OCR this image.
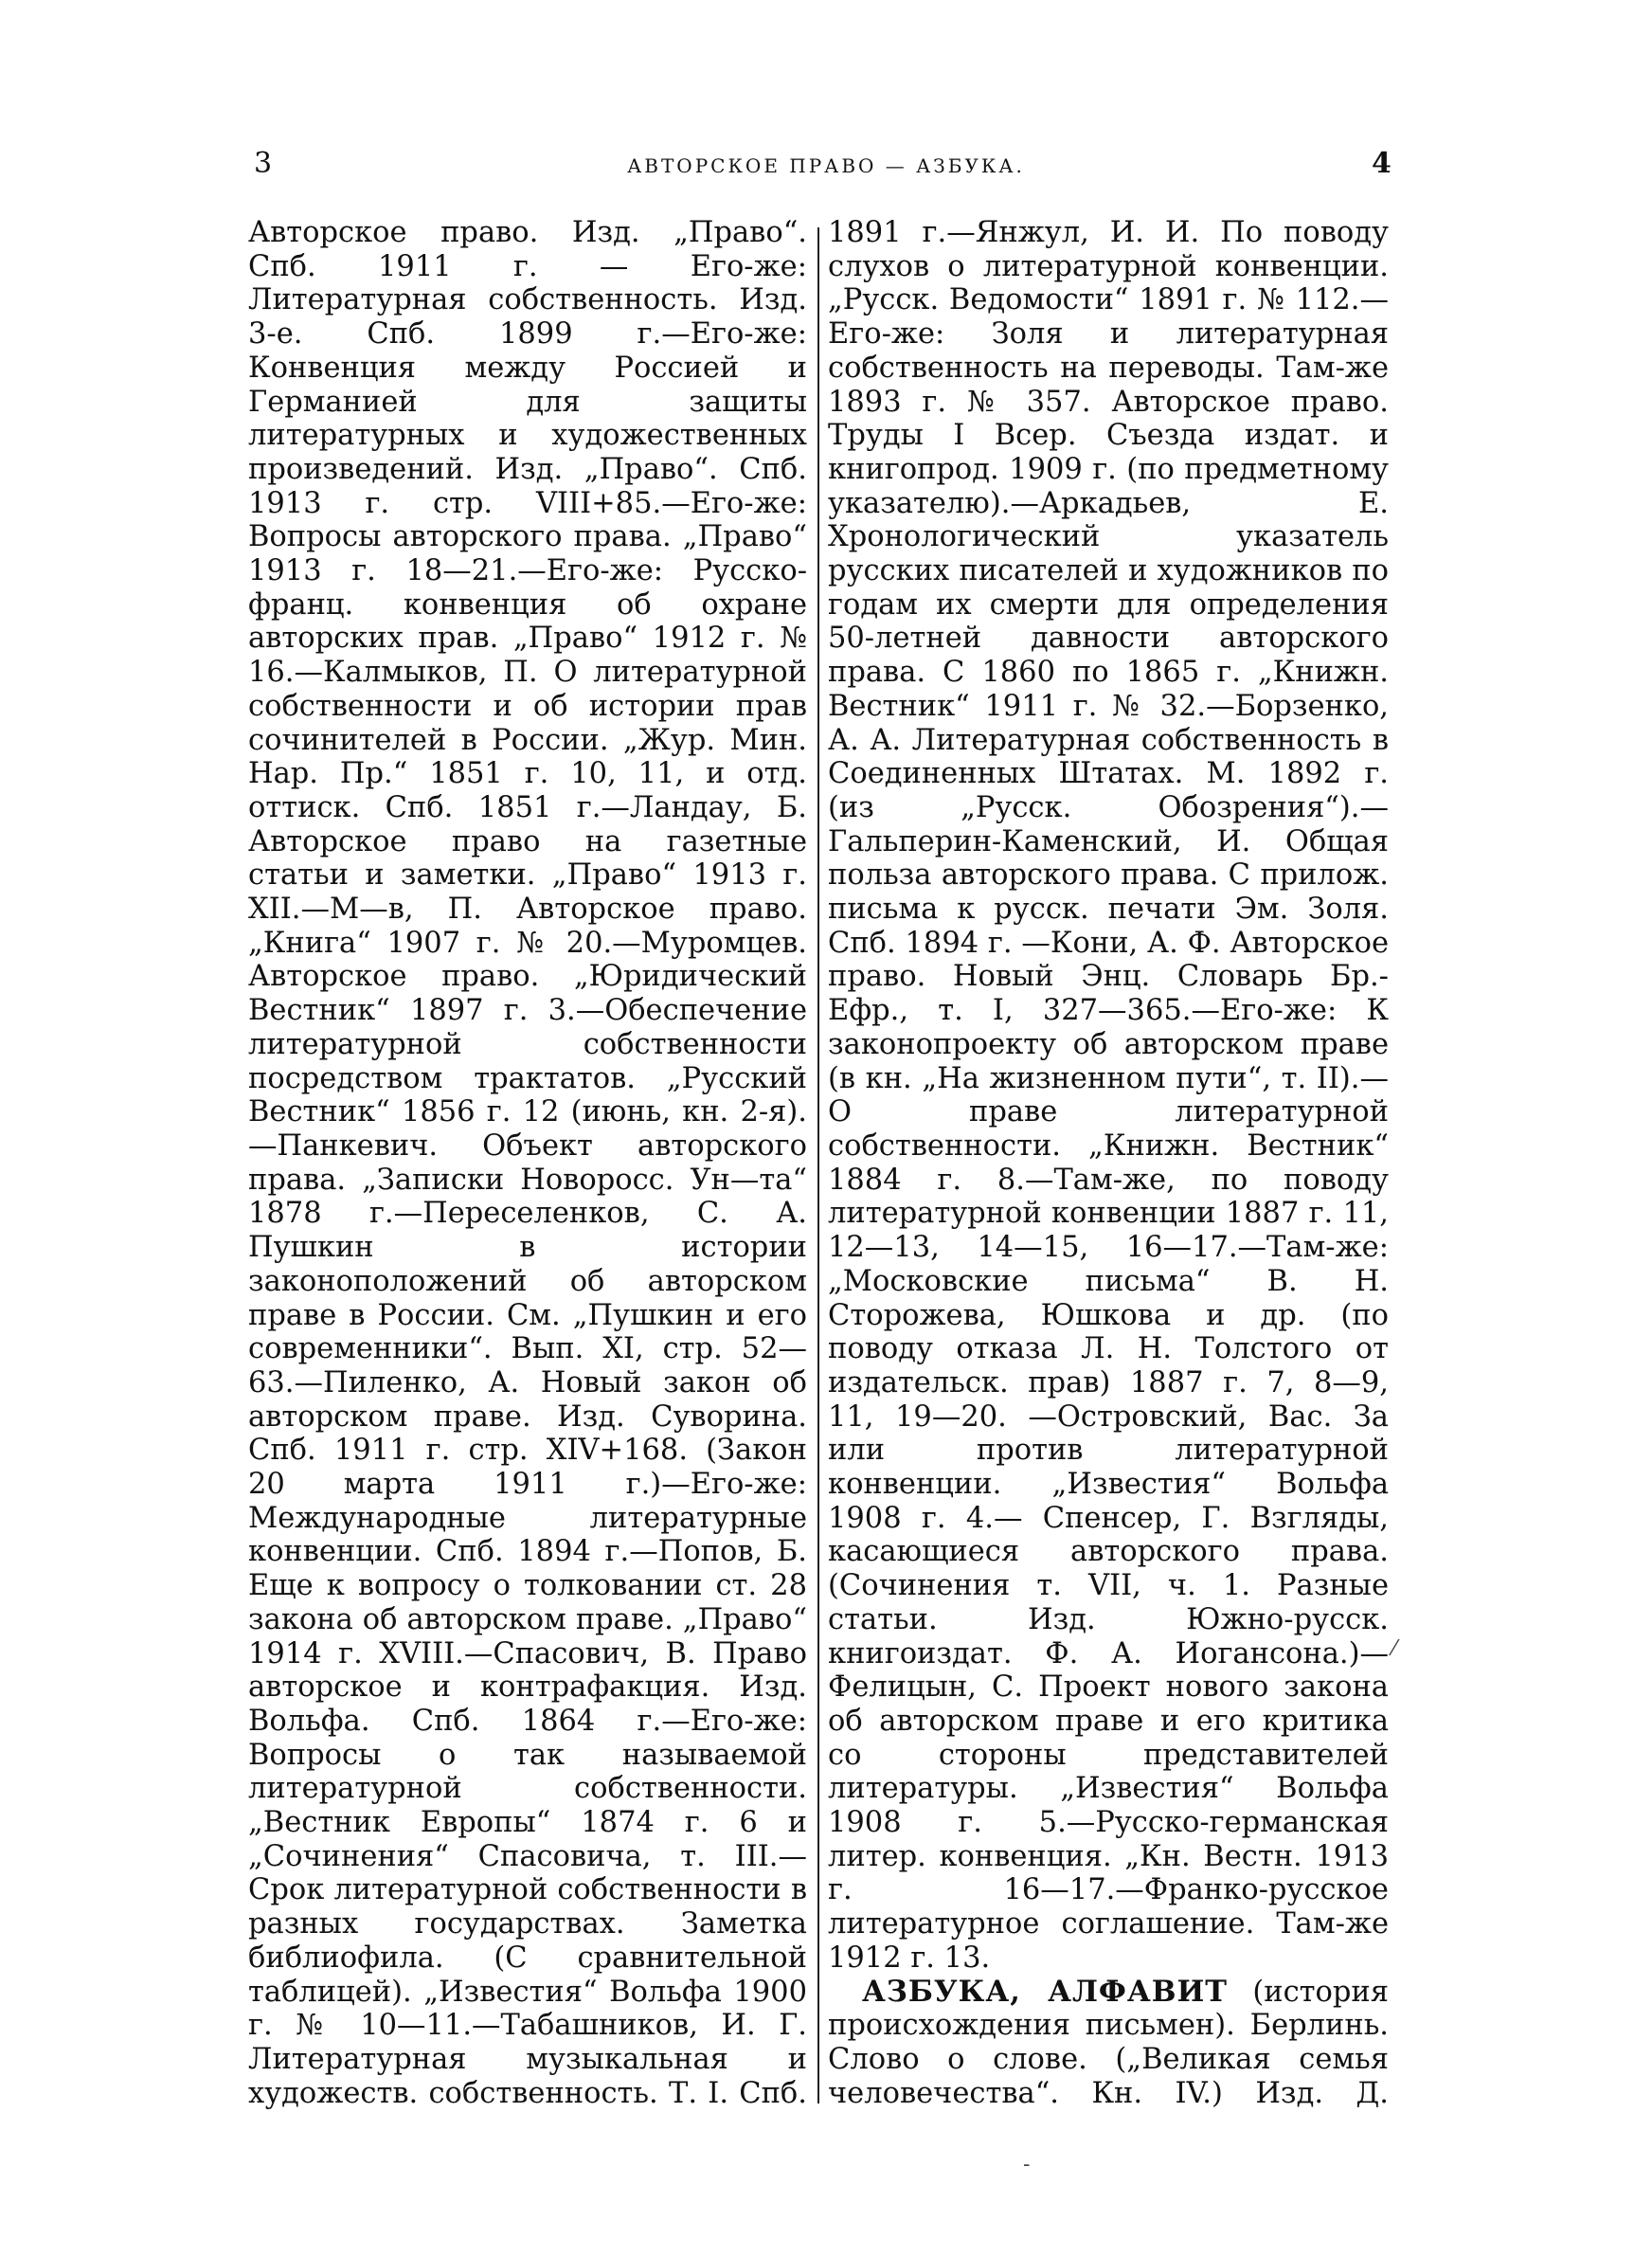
3	АВТОРСКОЕ ПРАВО — АЗБУКА.	4

Авторское право. Изд. „Право“. Спб. 1911 г. — Его-же: Литературная собственность. Изд. 3-е. Спб. 1899 г.—Его-же: Конвенция между Россией и Германией для защиты литературных и художественных произведений. Изд. „Право“. Спб. 1913 г. стр. VIII+85.—Его-же: Вопросы авторского права. „Право“ 1913 г. 18—21.—Его-же: Русско-франц. конвенция об охране авторских прав. „Право“ 1912 г. № 16.—Калмыков, П. О литературной собственности и об истории прав сочинителей в России. „Жур. Мин. Нар. Пр.“ 1851 г. 10, 11, и отд. оттиск. Спб. 1851 г.—Ландау, Б. Авторское право на газетные статьи и заметки. „Право“ 1913 г. XII.—М—в, П. Авторское право. „Книга“ 1907 г. № 20.—Муромцев. Авторское право. „Юридический Вестник“ 1897 г. 3.—Обеспечение литературной собственности посредством трактатов. „Русский Вестник“ 1856 г. 12 (июнь, кн. 2-я).—Панкевич. Объект авторского права. „Записки Новоросс. Ун—та“ 1878 г.—Переселенков, С. А. Пушкин в истории законоположений об авторском праве в России. См. „Пушкин и его современники“. Вып. XI, стр. 52—63.—Пиленко, А. Новый закон об авторском праве. Изд. Суворина. Спб. 1911 г. стр. XIV+168. (Закон 20 марта 1911 г.)—Его-же: Международные литературные конвенции. Спб. 1894 г.—Попов, Б. Еще к вопросу о толковании ст. 28 закона об авторском праве. „Право“ 1914 г. XVIII.—Спасович, В. Право авторское и контрафакция. Изд. Вольфа. Спб. 1864 г.—Его-же: Вопросы о так называемой литературной собственности. „Вестник Европы“ 1874 г. 6 и „Сочинения“ Спасовича, т. III.—Срок литературной собственности в разных государствах. Заметка библиофила. (С сравнительной таблицей). „Известия“ Вольфа 1900 г. № 10—11.—Табашников, И. Г. Литературная музыкальная и художеств. собственность. Т. I. Спб.

1891 г.—Янжул, И. И. По поводу слухов о литературной конвенции. „Русск. Ведомости“ 1891 г. № 112.— Его-же: Золя и литературная собственность на переводы. Там-же 1893 г. № 357. Авторское право. Труды I Всер. Съезда издат. и книгопрод. 1909 г. (по предметному указателю).—Аркадьев, Е. Хронологический указатель русских писателей и художников по годам их смерти для определения 50-летней давности авторского права. С 1860 по 1865 г. „Книжн. Вестник“ 1911 г. № 32.—Борзенко, А. А. Литературная собственность в Соединенных Штатах. М. 1892 г. (из „Русск. Обозрения“).—Гальперин-Каменский, И. Общая польза авторского права. С прилож. письма к русск. печати Эм. Золя. Спб. 1894 г. —Кони, А. Ф. Авторское право. Новый Энц. Словарь Бр.-Ефр., т. I, 327—365.—Его-же: К законопроекту об авторском праве (в кн. „На жизненном пути“, т. II).—О праве литературной собственности. „Книжн. Вестник“ 1884 г. 8.—Там-же, по поводу литературной конвенции 1887 г. 11, 12—13, 14—15, 16—17.—Там-же: „Московские письма“ В. Н. Сторожева, Юшкова и др. (по поводу отказа Л. Н. Толстого от издательск. прав) 1887 г. 7, 8—9, 11, 19—20. —Островский, Вас. За или против литературной конвенции. „Известия“ Вольфа 1908 г. 4.— Спенсер, Г. Взгляды, касающиеся авторского права. (Сочинения т. VII, ч. 1. Разные статьи. Изд. Южно-русск. книгоиздат. Ф. А. Иогансона.)—Фелицын, С. Проект нового закона об авторском праве и его критика со стороны представителей литературы. „Известия“ Вольфа 1908 г. 5.—Русско-германская литер. конвенция. „Кн. Вестн. 1913 г. 16—17.—Франко-русское литературное соглашение. Там-же 1912 г. 13.

АЗБУКА, АЛФАВИТ (история происхождения письмен). Берлинь. Слово о слове. („Великая семья человечества“. Кн. IV.) Изд. Д.

⁄
‐
